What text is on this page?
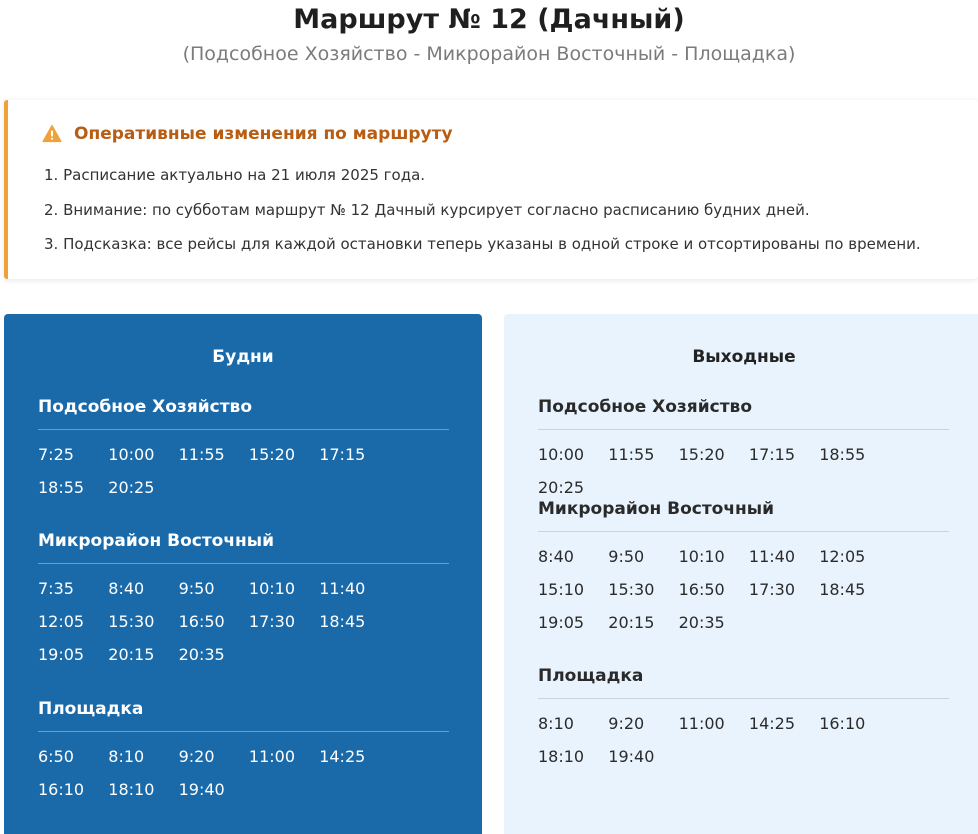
Маршрут № 12 (Дачный)
(Подсобное Хозяйство - Микрорайон Восточный - Площадка)
Оперативные изменения по маршруту
1. Расписание актуально на 21 июля 2025 года.
2. Внимание: по субботам маршрут № 12 Дачный курсирует согласно расписанию будних дней.
3. Подсказка: все рейсы для каждой остановки теперь указаны в одной строке и отсортированы по времени.
Будни
Подсобное Хозяйство
7:25	10:00	11:55	15:20	17:15
18:55	20:25
Микрорайон Восточный
7:35	8:40	9:50	10:10	11:40
12:05	15:30	16:50	17:30	18:45
19:05	20:15	20:35
Площадка
6:50	8:10	9:20	11:00	14:25
16:10	18:10	19:40
Выходные
Подсобное Хозяйство
10:00	11:55	15:20	17:15	18:55
20:25
Микрорайон Восточный
8:40	9:50	10:10	11:40	12:05
15:10	15:30	16:50	17:30	18:45
19:05	20:15	20:35
Площадка
8:10	9:20	11:00	14:25	16:10
18:10	19:40
